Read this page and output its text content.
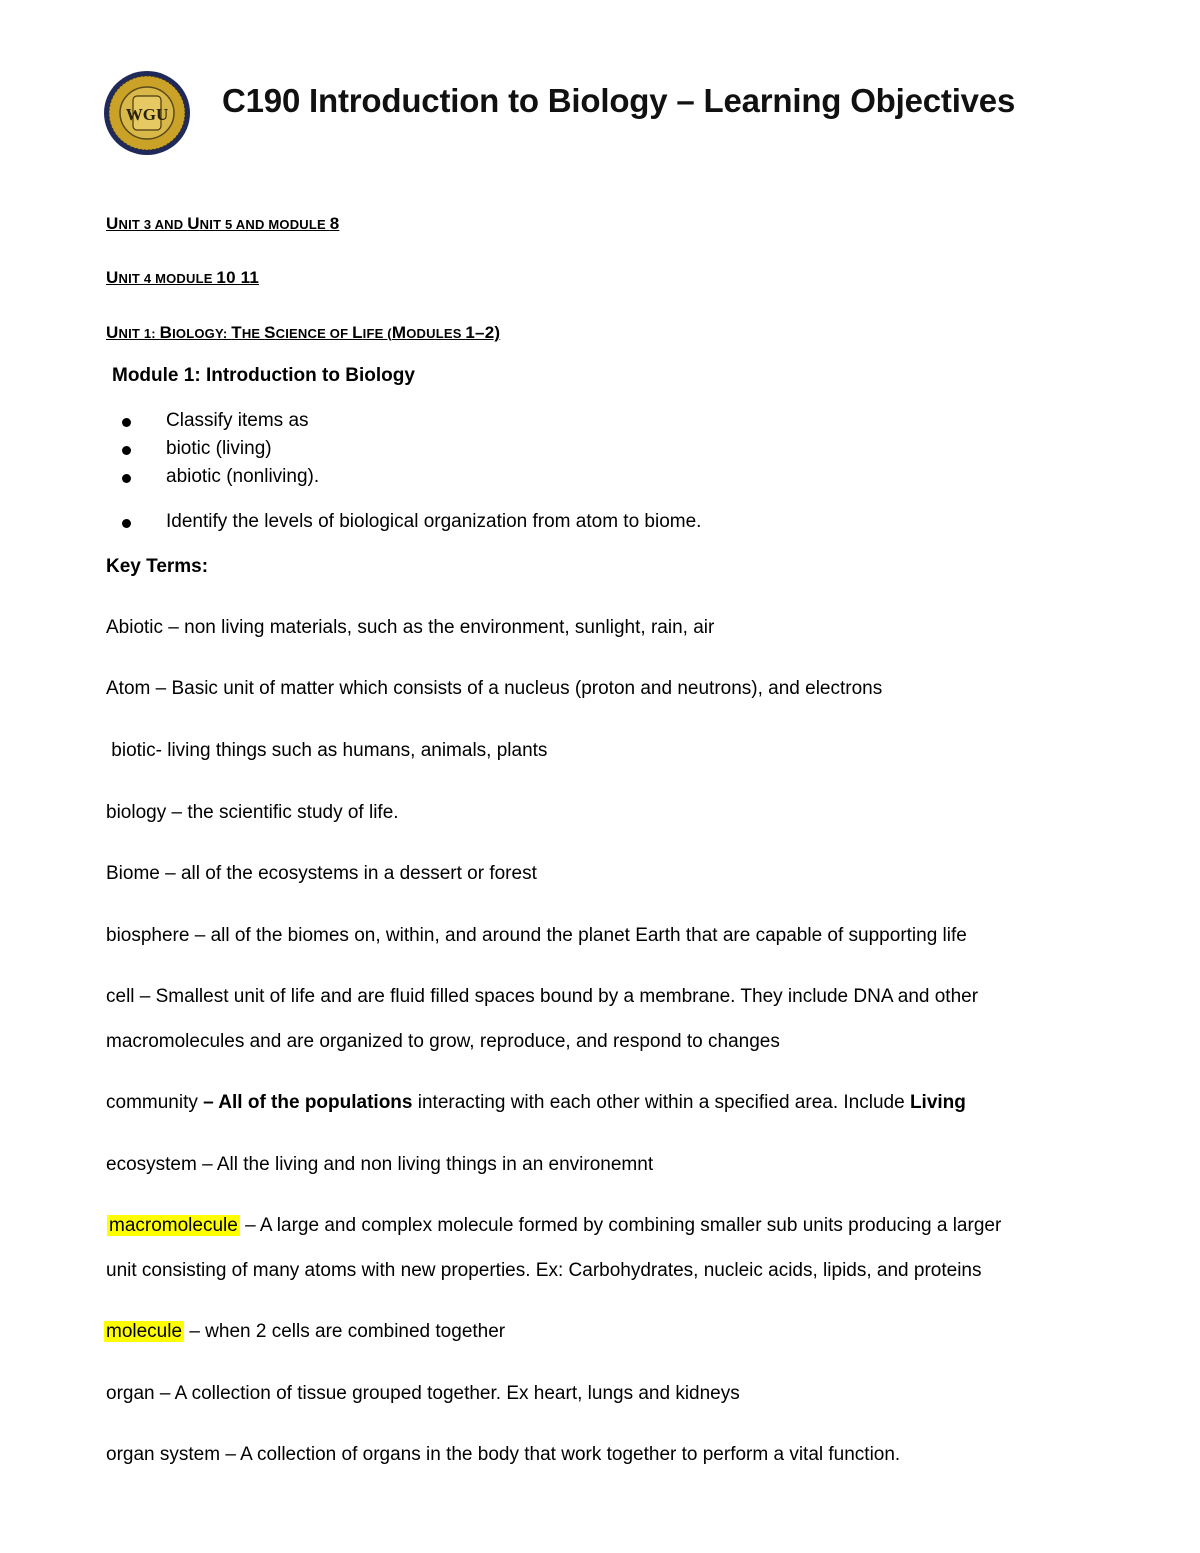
WGU C190 Introduction to Biology – Learning Objectives
UNIT 3 AND UNIT 5 AND MODULE 8
UNIT 4 MODULE 10 11
UNIT 1: BIOLOGY: THE SCIENCE OF LIFE (MODULES 1–2)
Module 1: Introduction to Biology
Classify items as
biotic (living)
abiotic (nonliving).
Identify the levels of biological organization from atom to biome.
Key Terms:
Abiotic – non living materials, such as the environment, sunlight, rain, air
Atom – Basic unit of matter which consists of a nucleus (proton and neutrons), and electrons
biotic- living things such as humans, animals, plants
biology – the scientific study of life.
Biome – all of the ecosystems in a dessert or forest
biosphere – all of the biomes on, within, and around the planet Earth that are capable of supporting life
cell – Smallest unit of life and are fluid filled spaces bound by a membrane. They include DNA and other
macromolecules and are organized to grow, reproduce, and respond to changes
community – All of the populations interacting with each other within a specified area. Include Living
ecosystem – All the living and non living things in an environemnt
macromolecule – A large and complex molecule formed by combining smaller sub units producing a larger
unit consisting of many atoms with new properties. Ex: Carbohydrates, nucleic acids, lipids, and proteins
molecule – when 2 cells are combined together
organ – A collection of tissue grouped together. Ex heart, lungs and kidneys
organ system – A collection of organs in the body that work together to perform a vital function.
